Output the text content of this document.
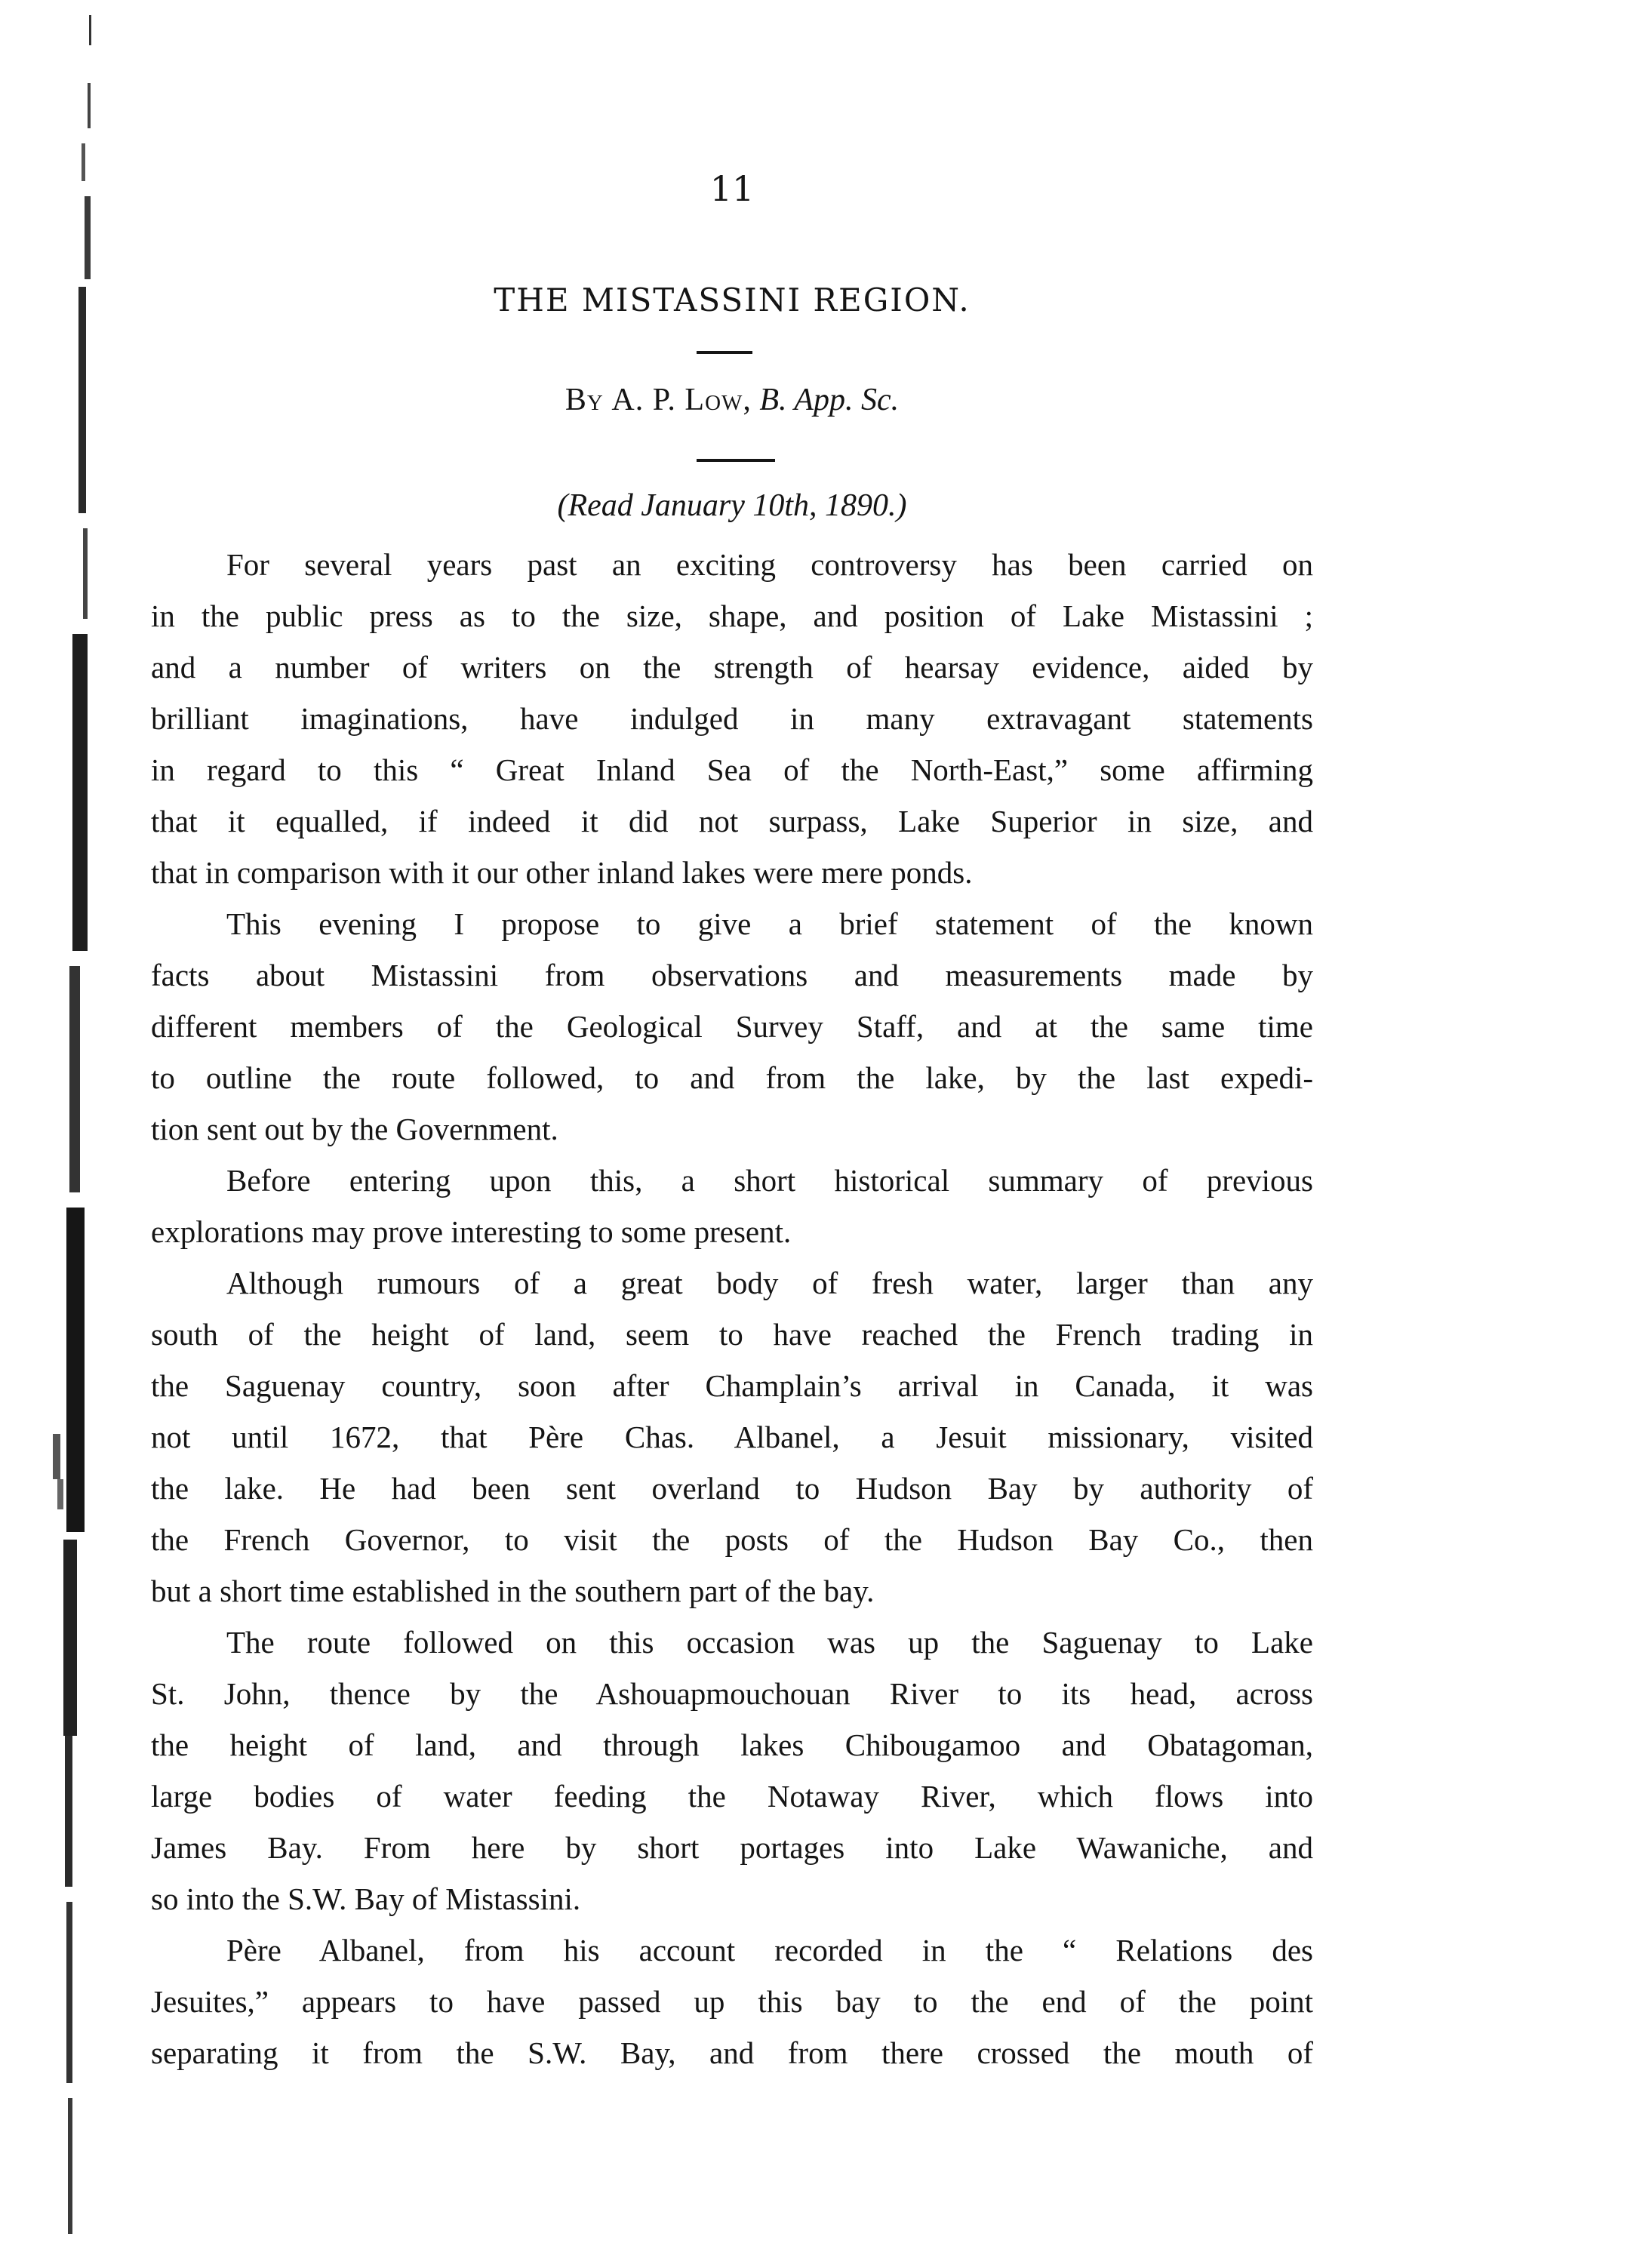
11
THE MISTASSINI REGION.
By A. P. Low, B. App. Sc.
(Read January 10th, 1890.)
For several years past an exciting controversy has been carried on
in the public press as to the size, shape, and position of Lake Mistassini ;
and a number of writers on the strength of hearsay evidence, aided by
brilliant imaginations, have indulged in many extravagant statements
in regard to this “ Great Inland Sea of the North-East,” some affirming
that it equalled, if indeed it did not surpass, Lake Superior in size, and
that in comparison with it our other inland lakes were mere ponds.
This evening I propose to give a brief statement of the known
facts about Mistassini from observations and measurements made by
different members of the Geological Survey Staff, and at the same time
to outline the route followed, to and from the lake, by the last expedi-
tion sent out by the Government.
Before entering upon this, a short historical summary of previous
explorations may prove interesting to some present.
Although rumours of a great body of fresh water, larger than any
south of the height of land, seem to have reached the French trading in
the Saguenay country, soon after Champlain’s arrival in Canada, it was
not until 1672, that Père Chas. Albanel, a Jesuit missionary, visited
the lake. He had been sent overland to Hudson Bay by authority of
the French Governor, to visit the posts of the Hudson Bay Co., then
but a short time established in the southern part of the bay.
The route followed on this occasion was up the Saguenay to Lake
St. John, thence by the Ashouapmouchouan River to its head, across
the height of land, and through lakes Chibougamoo and Obatagoman,
large bodies of water feeding the Notaway River, which flows into
James Bay. From here by short portages into Lake Wawaniche, and
so into the S.W. Bay of Mistassini.
Père Albanel, from his account recorded in the “ Relations des
Jesuites,” appears to have passed up this bay to the end of the point
separating it from the S.W. Bay, and from there crossed the mouth of
